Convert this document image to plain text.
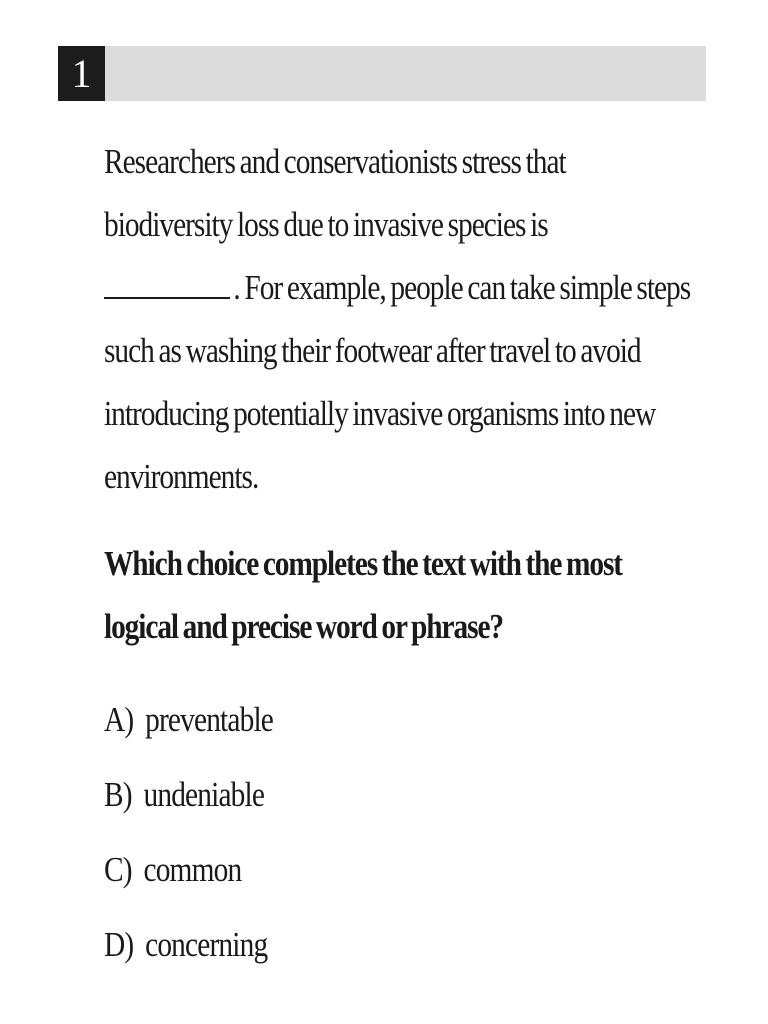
1

Researchers and conservationists stress that biodiversity loss due to invasive species is
. For example, people can take simple steps such as washing their footwear after travel to avoid introducing potentially invasive organisms into new environments.

Which choice completes the text with the most logical and precise word or phrase?

A) preventable
B) undeniable
C) common
D) concerning
